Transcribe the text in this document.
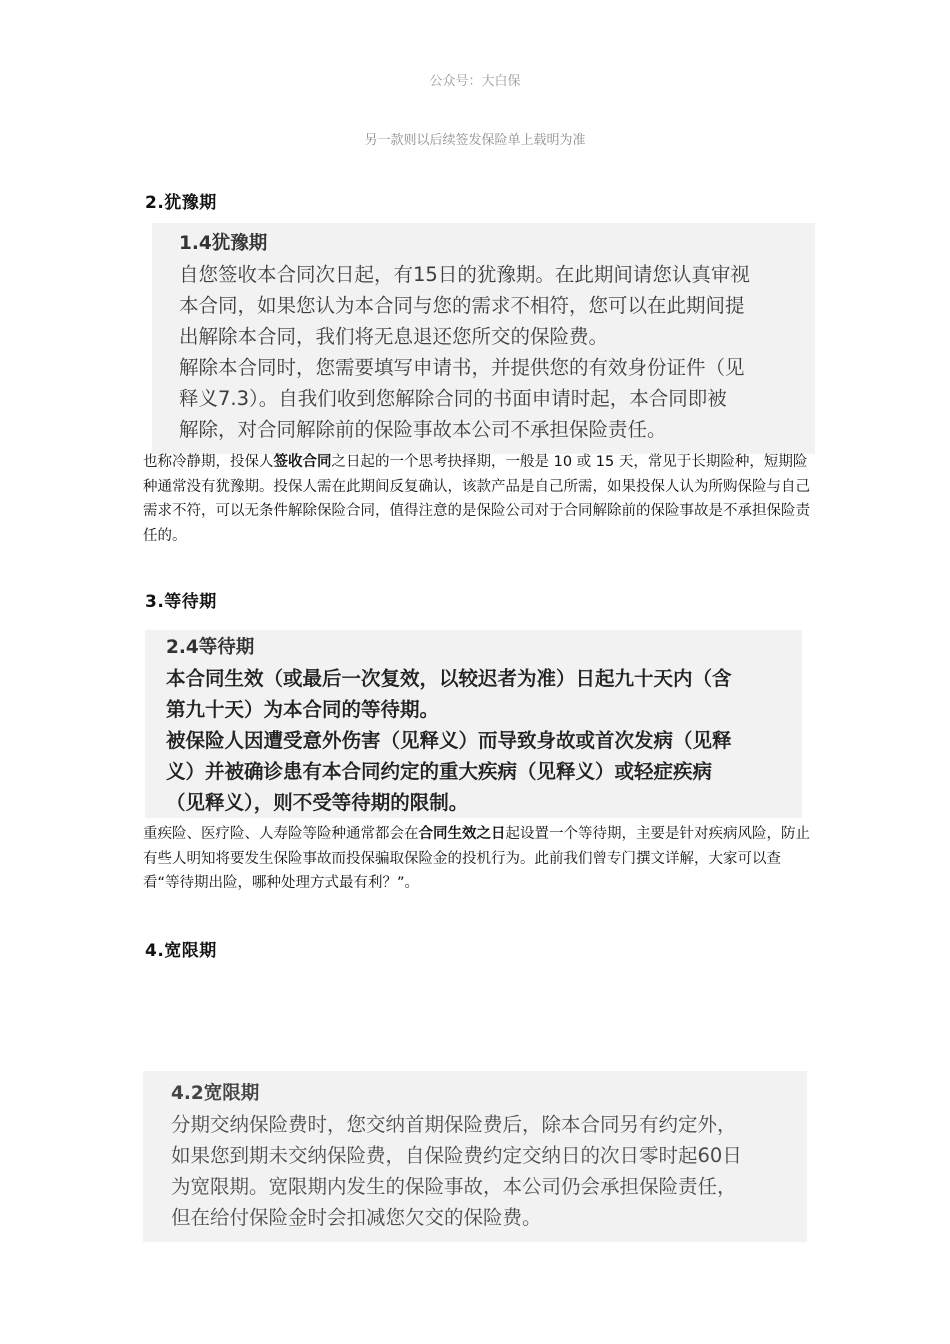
公众号：大白保
另一款则以后续签发保险单上载明为准
2.犹豫期
1.4犹豫期
自您签收本合同次日起，有15日的犹豫期。在此期间请您认真审视
本合同，如果您认为本合同与您的需求不相符，您可以在此期间提
出解除本合同，我们将无息退还您所交的保险费。
解除本合同时，您需要填写申请书，并提供您的有效身份证件（见
释义7.3）。自我们收到您解除合同的书面申请时起，本合同即被
解除，对合同解除前的保险事故本公司不承担保险责任。
也称冷静期，投保人签收合同之日起的一个思考抉择期，一般是 10 或 15 天，常见于长期险种，短期险种通常没有犹豫期。投保人需在此期间反复确认，该款产品是自己所需，如果投保人认为所购保险与自己需求不符，可以无条件解除保险合同，值得注意的是保险公司对于合同解除前的保险事故是不承担保险责任的。
3.等待期
2.4等待期
本合同生效（或最后一次复效，以较迟者为准）日起九十天内（含
第九十天）为本合同的等待期。
被保险人因遭受意外伤害（见释义）而导致身故或首次发病（见释
义）并被确诊患有本合同约定的重大疾病（见释义）或轻症疾病
（见释义），则不受等待期的限制。
重疾险、医疗险、人寿险等险种通常都会在合同生效之日起设置一个等待期，主要是针对疾病风险，防止有些人明知将要发生保险事故而投保骗取保险金的投机行为。此前我们曾专门撰文详解，大家可以查看“等待期出险，哪种处理方式最有利？”。
4.宽限期
4.2宽限期
分期交纳保险费时，您交纳首期保险费后，除本合同另有约定外，
如果您到期未交纳保险费，自保险费约定交纳日的次日零时起60日
为宽限期。宽限期内发生的保险事故，本公司仍会承担保险责任，
但在给付保险金时会扣减您欠交的保险费。
